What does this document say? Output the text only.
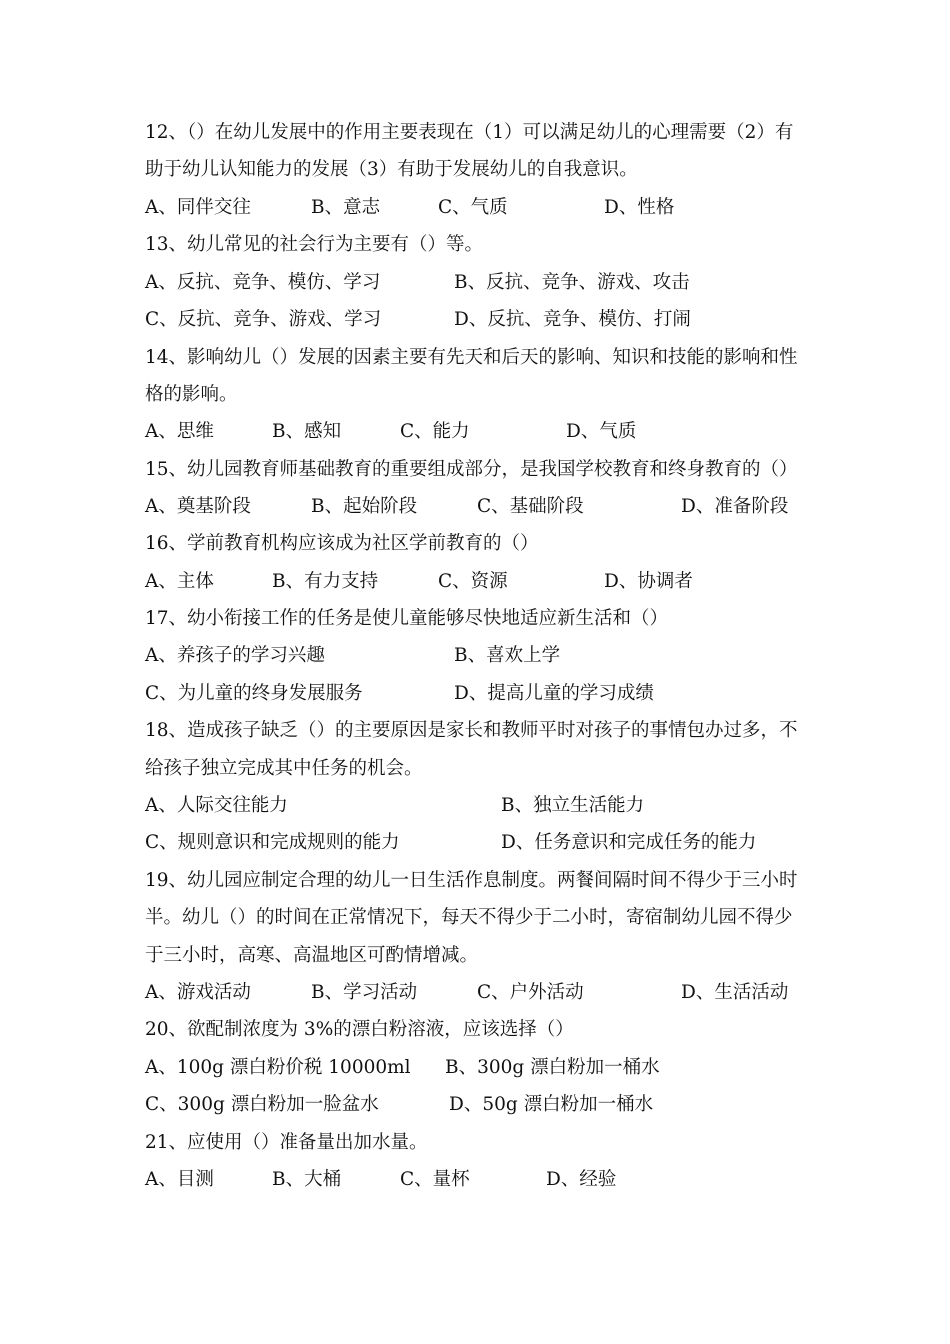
12、（）在幼儿发展中的作用主要表现在（1）可以满足幼儿的心理需要（2）有
助于幼儿认知能力的发展（3）有助于发展幼儿的自我意识。
A、同伴交往	B、意志	C、气质	D、性格
13、幼儿常见的社会行为主要有（）等。
A、反抗、竞争、模仿、学习	B、反抗、竞争、游戏、攻击
C、反抗、竞争、游戏、学习	D、反抗、竞争、模仿、打闹
14、影响幼儿（）发展的因素主要有先天和后天的影响、知识和技能的影响和性
格的影响。
A、思维	B、感知	C、能力	D、气质
15、幼儿园教育师基础教育的重要组成部分，是我国学校教育和终身教育的（）
A、奠基阶段	B、起始阶段	C、基础阶段	D、准备阶段
16、学前教育机构应该成为社区学前教育的（）
A、主体	B、有力支持	C、资源	D、协调者
17、幼小衔接工作的任务是使儿童能够尽快地适应新生活和（）
A、养孩子的学习兴趣	B、喜欢上学
C、为儿童的终身发展服务	D、提高儿童的学习成绩
18、造成孩子缺乏（）的主要原因是家长和教师平时对孩子的事情包办过多，不
给孩子独立完成其中任务的机会。
A、人际交往能力	B、独立生活能力
C、规则意识和完成规则的能力	D、任务意识和完成任务的能力
19、幼儿园应制定合理的幼儿一日生活作息制度。两餐间隔时间不得少于三小时
半。幼儿（）的时间在正常情况下，每天不得少于二小时，寄宿制幼儿园不得少
于三小时，高寒、高温地区可酌情增减。
A、游戏活动	B、学习活动	C、户外活动	D、生活活动
20、欲配制浓度为 3%的漂白粉溶液，应该选择（）
A、100g 漂白粉价税 10000ml B、300g 漂白粉加一桶水
C、300g 漂白粉加一脸盆水	D、50g 漂白粉加一桶水
21、应使用（）准备量出加水量。
A、目测	B、大桶	C、量杯	D、经验
